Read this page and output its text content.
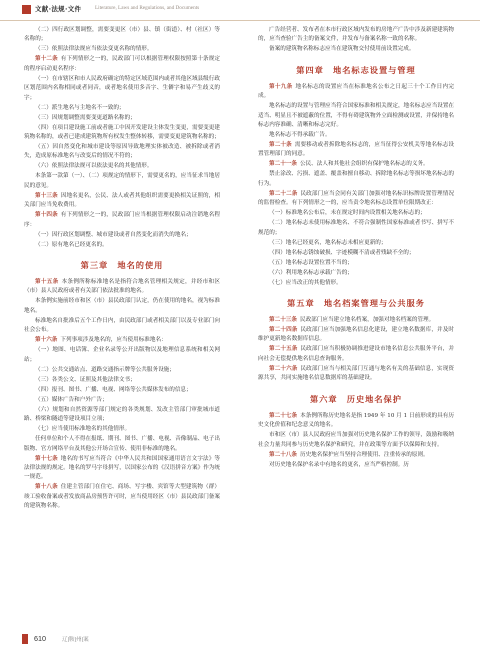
文献·法规·文件	Literature, Laws and Regulations, and Documents

（二）四行政区划调整，需要变更区（市）县、镇（街道）、村（社区）等名称的；

（三）依照法律法规应当依法变更名称的情形。

第十二条 有下列情形之一的，民政部门可以根据管理权限按照第十条规定的程序启动更名程序：

（一）在市辖区和市人民政府确定的特定区域范围内或者其他区域县级行政区划范围内名称相同或者同音，或者地名使用多音字、生僻字和易产生歧义的字；

（二）派生地名与主地名不一致的；

（三）因规划调整需要变更道路名称的；

（四）在项目建设施工前或者施工中因开发建设主体发生变更，需要变更建筑物名称的，或者已建成建筑物所有权发生整体转移，需要变更建筑物名称的；

（五）因自然变化和城市建设等原因导致地理实体被改造、被拆除或者消失，造成原标准地名与改变后的情况不符的；

（六）依照法律法规可以依法更名的其他情形。

本条第一款第（一）、（二）项规定的情形下，需要更名的，应当征求当地居民的意见。

第十三条 因地名更名，公民、法人或者其他组织需要更换相关证照的，相关部门应当免收费用。

第十四条 有下列情形之一的，民政部门应当根据管理权限启动注销地名程序：

（一）因行政区划调整、城市建设或者自然变化而消失的地名；

（二）原有地名已经更名的。

第三章　地名的使用

第十五条 本条例所称标准地名是指符合地名管理相关规定，并经市和区（市）县人民政府或者有关部门依法批准的地名。

本条例实施前经市和区（市）县民政部门认定，仍在使用的地名，视为标准地名。

标准地名自批准后五个工作日内，由民政部门或者相关部门以及专业部门向社会公布。

第十六条 下列事项涉及地名的，应当使用标准地名：

（一）地图、电话簿、企业名录等公开出版物以及地理信息系统和相关网站；

（二）公共交通站点、道路交通指示牌等公共服务设施；

（三）各类公文、证照及其他法律文书；

（四）报刊、图书、广播、电视、网络等公共媒体发布的信息；

（五）媒体广告和户外广告；

（六）规划和自然资源等部门规定的各类规划、发改主管部门审批城市道路、桥梁和隧道等建设项目立项；

（七）应当使用标准地名的其他情形。

任何单位和个人不得在报纸、期刊、图书、广播、电视、音像制品、电子出版物、官方网络平台及其他公开场合宣传、使用非标准的地名。

第十七条 地名的书写应当符合《中华人民共和国国家通用语言文字法》等法律法规的规定。地名的罗马字母拼写，以国家公布的《汉语拼音方案》作为统一规范。

第十八条 住建主管部门在住宅、商场、写字楼、宾馆等大型建筑物（群）竣工验收备案或者发放商品房预售许可时，应当使用经区（市）县民政部门备案的建筑物名称。

广告经营者、发布者在本市行政区域内发布的房地产广告中涉及新建建筑物的，应当查验广告主的备案文件，并发布与备案名称一致的名称。

备案的建筑物名称标志应当在建筑物交付使用前设置完成。

第四章　地名标志设置与管理

第十九条 地名标志的设置应当在标准地名公布之日起三十个工作日内完成。

地名标志的设置与管理应当符合国家标准和相关规定，地名标志应当设置在适当、明显且不被遮蔽的位置，不得有碍建筑物外立面检测或设置，并保持地名标志内容准确、清晰和标志完好。

地名标志不得承载广告。

第二十条 需要移动或者拆除地名标志的，应当征得公安机关等地名标志设置管理部门的同意。

第二十一条 公民、法人和其他社会组织有保护地名标志的义务。

禁止涂改、污损、遮盖、覆盖和擅自移动、拆除地名标志等损坏地名标志的行为。

第二十二条 民政部门应当会同有关部门加强对地名标识标牌设置管理情况的监督检查。有下列情形之一的，应当责令地名标志设置单位限期改正：

（一）标准地名公布后，未在规定时间内设置相关地名标志的；

（二）地名标志未使用标准地名、不符合强制性国家标准或者书写、拼写不规范的；

（三）地名已经更名，地名标志未相应更新的；

（四）地名标志锈蚀破损、字迹模糊不清或者残缺不全的；

（五）地名标志设置位置不当的；

（六）利用地名标志承载广告的；

（七）应当改正的其他情形。

第五章　地名档案管理与公共服务

第二十三条 民政部门应当建立地名档案，加强对地名档案的管理。

第二十四条 民政部门应当加强地名信息化建设，建立地名数据库，并及时维护更新地名数据库信息。

第二十五条 民政部门应当积极协调推进建设市地名信息公共服务平台，并向社会无偿提供地名信息查询服务。

第二十六条 民政部门应当与相关部门互通与地名有关的基础信息，实现资源共享，共同实施地名信息数据库的基础建设。

第六章　历史地名保护

第二十七条 本条例所称历史地名是指 1949 年 10 月 1 日前形成的具有历史文化价值和纪念意义的地名。

市和区（市）县人民政府应当加强对历史地名保护工作的领导，鼓励和吸纳社会力量共同参与历史地名保护和研究，并在政策等方面予以保障和支持。

第二十八条 历史地名保护应当坚持合理使用、注重传承的原则。

对历史地名保护名录中有地名的更名，应当严格控制。历

610	辽|鞍|州|案
